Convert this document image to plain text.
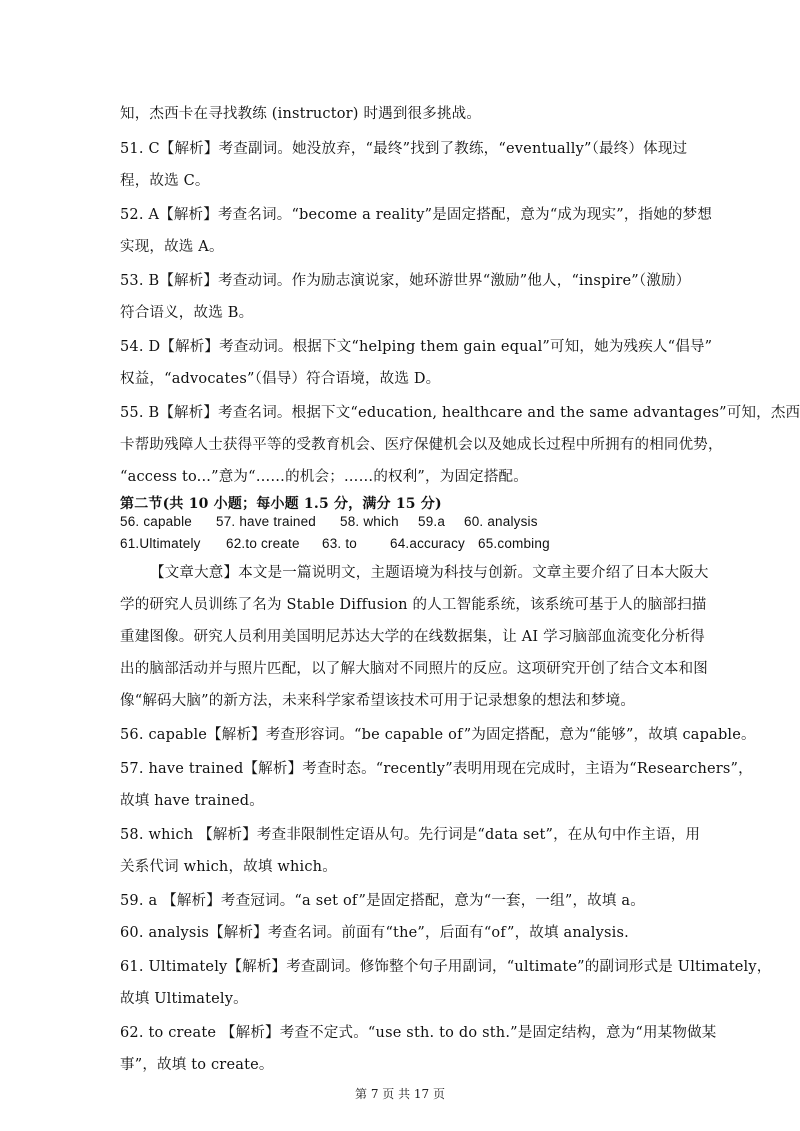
知，杰西卡在寻找教练 (instructor) 时遇到很多挑战。
51. C【解析】考查副词。她没放弃，“最终”找到了教练，“eventually”（最终）体现过
程，故选 C。
52. A【解析】考查名词。“become a reality”是固定搭配，意为“成为现实”，指她的梦想
实现，故选 A。
53. B【解析】考查动词。作为励志演说家，她环游世界“激励”他人，“inspire”（激励）
符合语义，故选 B。
54. D【解析】考查动词。根据下文“helping them gain equal”可知，她为残疾人“倡导”
权益，“advocates”（倡导）符合语境，故选 D。
55. B【解析】考查名词。根据下文“education, healthcare and the same advantages”可知，杰西
卡帮助残障人士获得平等的受教育机会、医疗保健机会以及她成长过程中所拥有的相同优势，
“access to...”意为“……的机会；……的权利”，为固定搭配。
第二节(共 10 小题；每小题 1.5 分，满分 15 分)
56. capable 57. have trained 58. which 59.a 60. analysis
61.Ultimately 62.to create 63. to 64.accuracy 65.combing
【文章大意】本文是一篇说明文，主题语境为科技与创新。文章主要介绍了日本大阪大
学的研究人员训练了名为 Stable Diffusion 的人工智能系统，该系统可基于人的脑部扫描
重建图像。研究人员利用美国明尼苏达大学的在线数据集，让 AI 学习脑部血流变化分析得
出的脑部活动并与照片匹配，以了解大脑对不同照片的反应。这项研究开创了结合文本和图
像“解码大脑”的新方法，未来科学家希望该技术可用于记录想象的想法和梦境。
56. capable【解析】考查形容词。“be capable of”为固定搭配，意为“能够”，故填 capable。
57. have trained【解析】考查时态。“recently”表明用现在完成时，主语为“Researchers”，
故填 have trained。
58. which 【解析】考查非限制性定语从句。先行词是“data set”，在从句中作主语，用
关系代词 which，故填 which。
59. a 【解析】考查冠词。“a set of”是固定搭配，意为“一套，一组”，故填 a。
60. analysis【解析】考查名词。前面有“the”，后面有“of”，故填 analysis.
61. Ultimately【解析】考查副词。修饰整个句子用副词，“ultimate”的副词形式是 Ultimately，
故填 Ultimately。
62. to create 【解析】考查不定式。“use sth. to do sth.”是固定结构，意为“用某物做某
事”，故填 to create。
第 7 页 共 17 页
